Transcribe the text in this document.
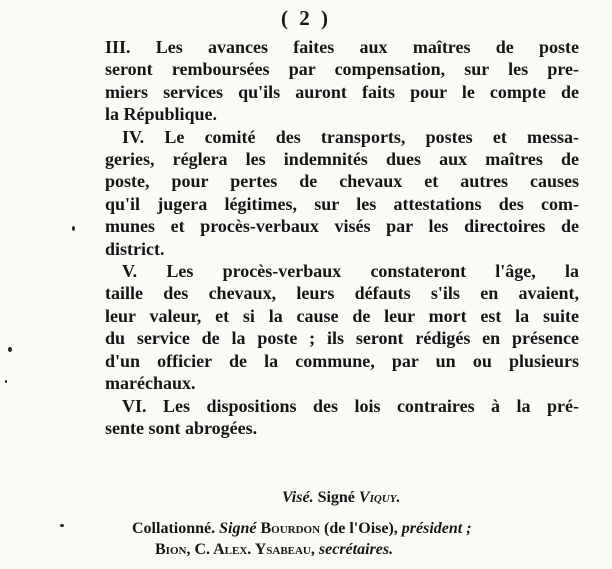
( 2 )
III. Les avances faites aux maîtres de poste
seront remboursées par compensation, sur les pre-
miers services qu'ils auront faits pour le compte de
la République.
IV. Le comité des transports, postes et messa-
geries, réglera les indemnités dues aux maîtres de
poste, pour pertes de chevaux et autres causes
qu'il jugera légitimes, sur les attestations des com-
munes et procès-verbaux visés par les directoires de
district.
V. Les procès-verbaux constateront l'âge, la
taille des chevaux, leurs défauts s'ils en avaient,
leur valeur, et si la cause de leur mort est la suite
du service de la poste ; ils seront rédigés en présence
d'un officier de la commune, par un ou plusieurs
maréchaux.
VI. Les dispositions des lois contraires à la pré-
sente sont abrogées.
Visé. Signé Viquy.
Collationné. Signé Bourdon (de l'Oise), président ;
Bion, C. Alex. Ysabeau, secrétaires.
